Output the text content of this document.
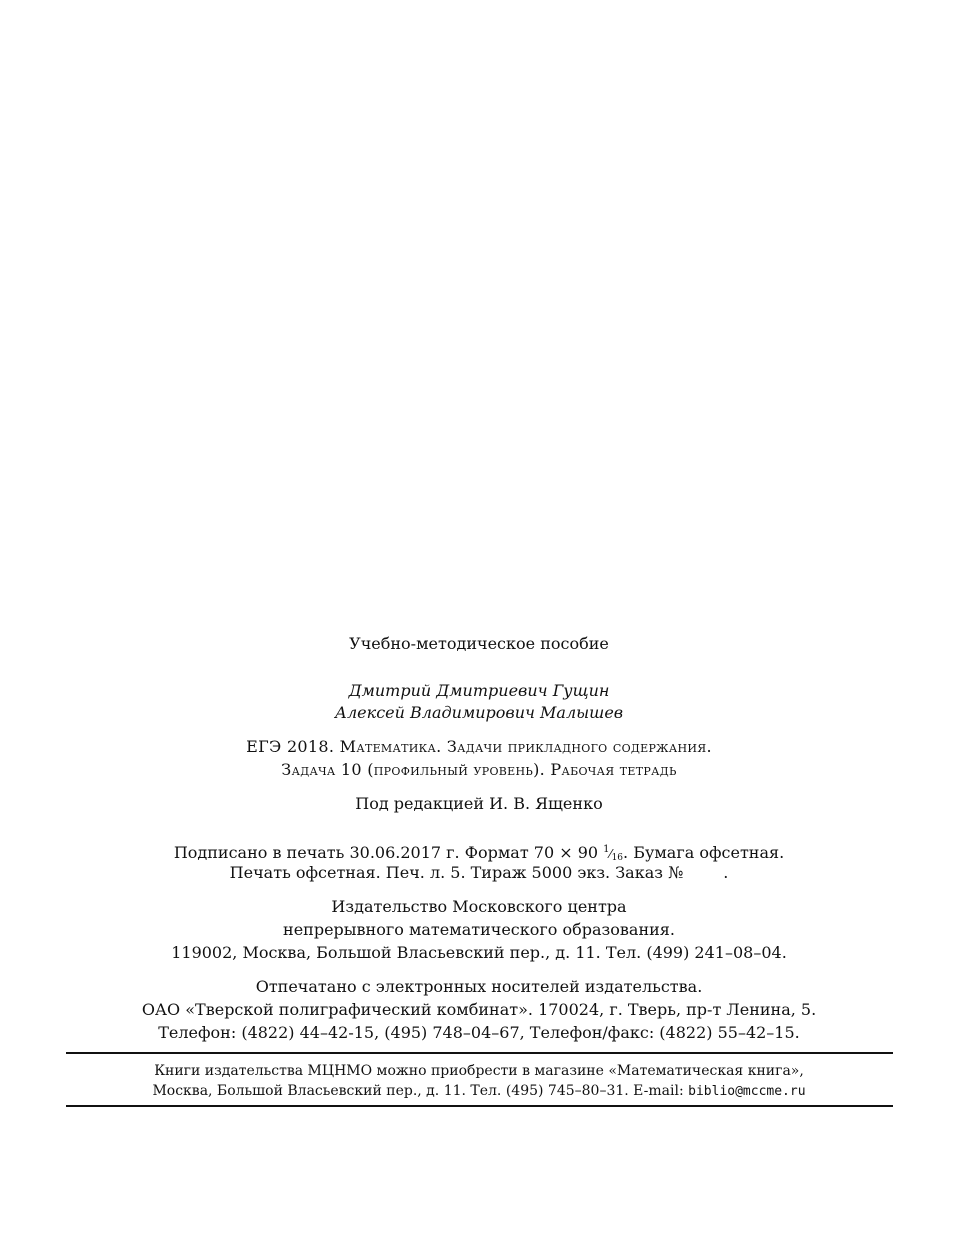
Учебно-методическое пособие
Дмитрий Дмитриевич Гущин
Алексей Владимирович Малышев
ЕГЭ 2018. Математика. Задачи прикладного содержания.
Задача 10 (профильный уровень). Рабочая тетрадь
Под редакцией И. В. Ященко
Подписано в печать 30.06.2017 г. Формат 70 × 90 $^1⁄_{16}$. Бумага офсетная.
Печать офсетная. Печ. л. 5. Тираж 5000 экз. Заказ №	.
Издательство Московского центра
непрерывного математического образования.
119002, Москва, Большой Власьевский пер., д. 11. Тел. (499) 241–08–04.
Отпечатано с электронных носителей издательства.
ОАО «Тверской полиграфический комбинат». 170024, г. Тверь, пр-т Ленина, 5.
Телефон: (4822) 44–42-15, (495) 748–04–67, Телефон/факс: (4822) 55–42–15.
Книги издательства МЦНМО можно приобрести в магазине «Математическая книга»,
Москва, Большой Власьевский пер., д. 11. Тел. (495) 745–80–31. E-mail: biblio@mccme.ru
